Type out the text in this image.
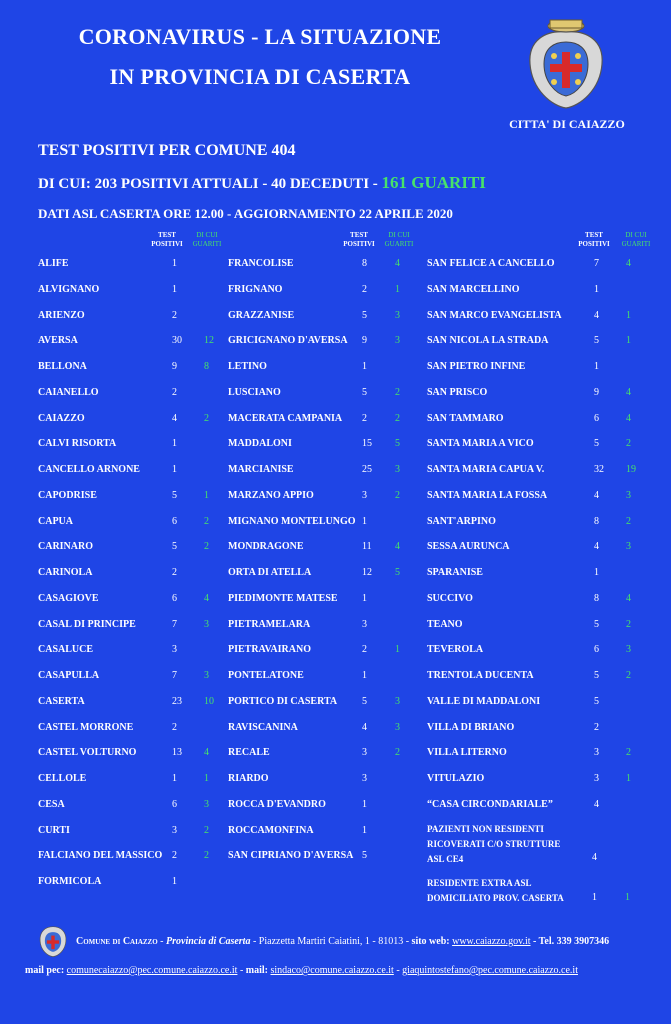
CORONAVIRUS - LA SITUAZIONE
IN PROVINCIA DI CASERTA
CITTA' DI CAIAZZO
TEST POSITIVI PER COMUNE 404
DI CUI: 203 POSITIVI ATTUALI - 40 DECEDUTI - 161 GUARITI
DATI ASL CASERTA ORE 12.00 - AGGIORNAMENTO 22 APRILE 2020
TEST
POSITIVI
DI CUI
GUARITI
TEST
POSITIVI
DI CUI
GUARITI
TEST
POSITIVI
DI CUI
GUARITI
ALIFE	1
ALVIGNANO	1
ARIENZO	2
AVERSA	30 12
BELLONA	9	8
CAIANELLO	2
CAIAZZO	4	2
CALVI RISORTA	1
CANCELLO ARNONE	1
CAPODRISE	5	1
CAPUA	6	2
CARINARO	5	2
CARINOLA	2
CASAGIOVE	6	4
CASAL DI PRINCIPE	7	3
CASALUCE	3
CASAPULLA	7	3
CASERTA	23 10
CASTEL MORRONE	2
CASTEL VOLTURNO	13 4
CELLOLE	1	1
CESA	6	3
CURTI	3	2
FALCIANO DEL MASSICO 2	2
FORMICOLA	1
FRANCOLISE	8	4
FRIGNANO	2	1
GRAZZANISE	5	3
GRICIGNANO D'AVERSA 9	3
LETINO	1
LUSCIANO	5	2
MACERATA CAMPANIA 2	2
MADDALONI	15 5
MARCIANISE	25 3
MARZANO APPIO	3	2
MIGNANO MONTELUNGO 1
MONDRAGONE	11 4
ORTA DI ATELLA	12 5
PIEDIMONTE MATESE 1
PIETRAMELARA	3
PIETRAVAIRANO	2	1
PONTELATONE	1
PORTICO DI CASERTA 5	3
RAVISCANINA	4	3
RECALE	3	2
RIARDO	3
ROCCA D'EVANDRO	1
ROCCAMONFINA	1
SAN CIPRIANO D'AVERSA 5
SAN FELICE A CANCELLO	7	4
SAN MARCELLINO	1
SAN MARCO EVANGELISTA	4	1
SAN NICOLA LA STRADA	5	1
SAN PIETRO INFINE	1
SAN PRISCO	9	4
SAN TAMMARO	6	4
SANTA MARIA A VICO	5	2
SANTA MARIA CAPUA V.	32 19
SANTA MARIA LA FOSSA	4	3
SANT'ARPINO	8	2
SESSA AURUNCA	4	3
SPARANISE	1
SUCCIVO	8	4
TEANO	5	2
TEVEROLA	6	3
TRENTOLA DUCENTA	5	2
VALLE DI MADDALONI	5
VILLA DI BRIANO	2
VILLA LITERNO	3	2
VITULAZIO	3	1
“CASA CIRCONDARIALE”	4
PAZIENTI NON RESIDENTI
RICOVERATI C/O STRUTTURE
ASL CE4	4
RESIDENTE EXTRA ASL
DOMICILIATO PROV. CASERTA	1	1
Comune di Caiazzo - Provincia di Caserta - Piazzetta Martiri Caiatini, 1 - 81013 - sito web: www.caiazzo.gov.it - Tel. 339 3907346
mail pec: comunecaiazzo@pec.comune.caiazzo.ce.it - mail: sindaco@comune.caiazzo.ce.it - giaquintostefano@pec.comune.caiazzo.ce.it
